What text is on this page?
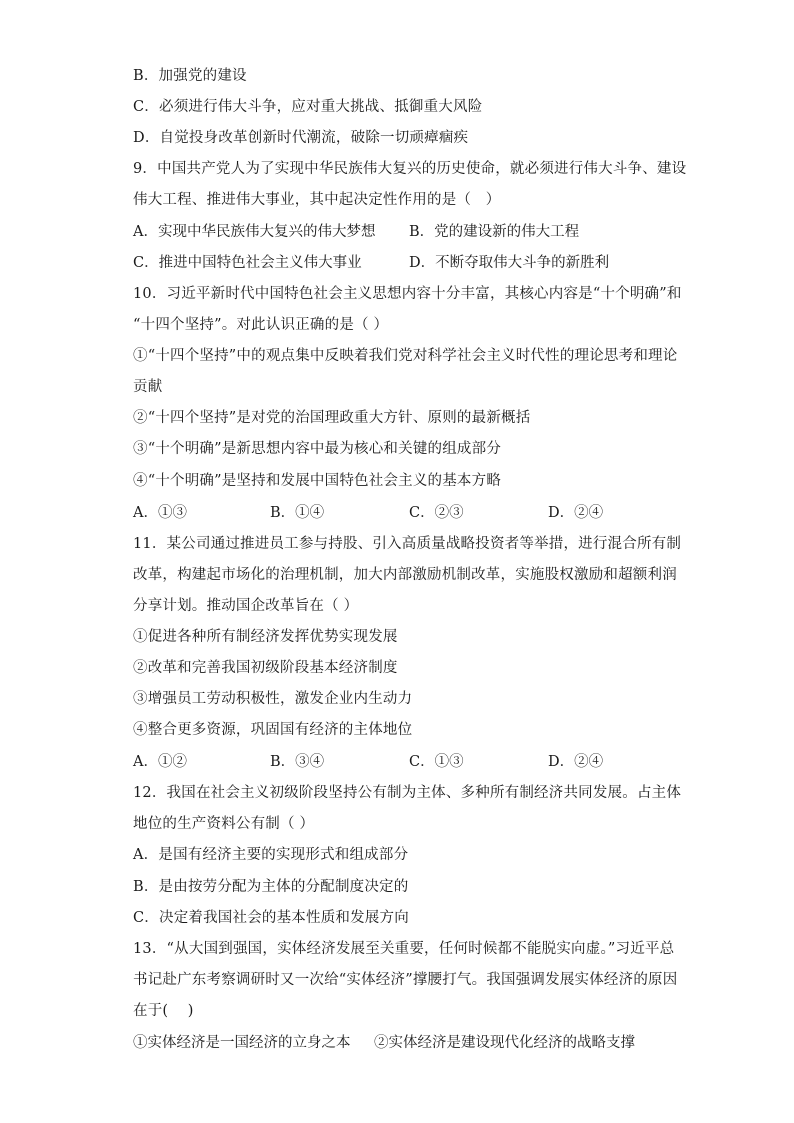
B．加强党的建设
C．必须进行伟大斗争，应对重大挑战、抵御重大风险
D．自觉投身改革创新时代潮流，破除一切顽瘴痼疾
9．中国共产党人为了实现中华民族伟大复兴的历史使命，就必须进行伟大斗争、建设
伟大工程、推进伟大事业，其中起决定性作用的是（　）
A．实现中华民族伟大复兴的伟大梦想 B．党的建设新的伟大工程
C．推进中国特色社会主义伟大事业	D．不断夺取伟大斗争的新胜利
10．习近平新时代中国特色社会主义思想内容十分丰富，其核心内容是“十个明确”和
“十四个坚持”。对此认识正确的是（ ）
①“十四个坚持”中的观点集中反映着我们党对科学社会主义时代性的理论思考和理论
贡献
②“十四个坚持”是对党的治国理政重大方针、原则的最新概括
③“十个明确”是新思想内容中最为核心和关键的组成部分
④“十个明确”是坚持和发展中国特色社会主义的基本方略
A．①③	B．①④	C．②③	D．②④
11．某公司通过推进员工参与持股、引入高质量战略投资者等举措，进行混合所有制
改革，构建起市场化的治理机制，加大内部激励机制改革，实施股权激励和超额利润
分享计划。推动国企改革旨在（ ）
①促进各种所有制经济发挥优势实现发展
②改革和完善我国初级阶段基本经济制度
③增强员工劳动积极性，激发企业内生动力
④整合更多资源，巩固国有经济的主体地位
A．①②	B．③④	C．①③	D．②④
12．我国在社会主义初级阶段坚持公有制为主体、多种所有制经济共同发展。占主体
地位的生产资料公有制（ ）
A．是国有经济主要的实现形式和组成部分
B．是由按劳分配为主体的分配制度决定的
C．决定着我国社会的基本性质和发展方向
13．“从大国到强国，实体经济发展至关重要，任何时候都不能脱实向虚。”习近平总
书记赴广东考察调研时又一次给“实体经济”撑腰打气。我国强调发展实体经济的原因
在于(　 )
①实体经济是一国经济的立身之本 ②实体经济是建设现代化经济的战略支撑
